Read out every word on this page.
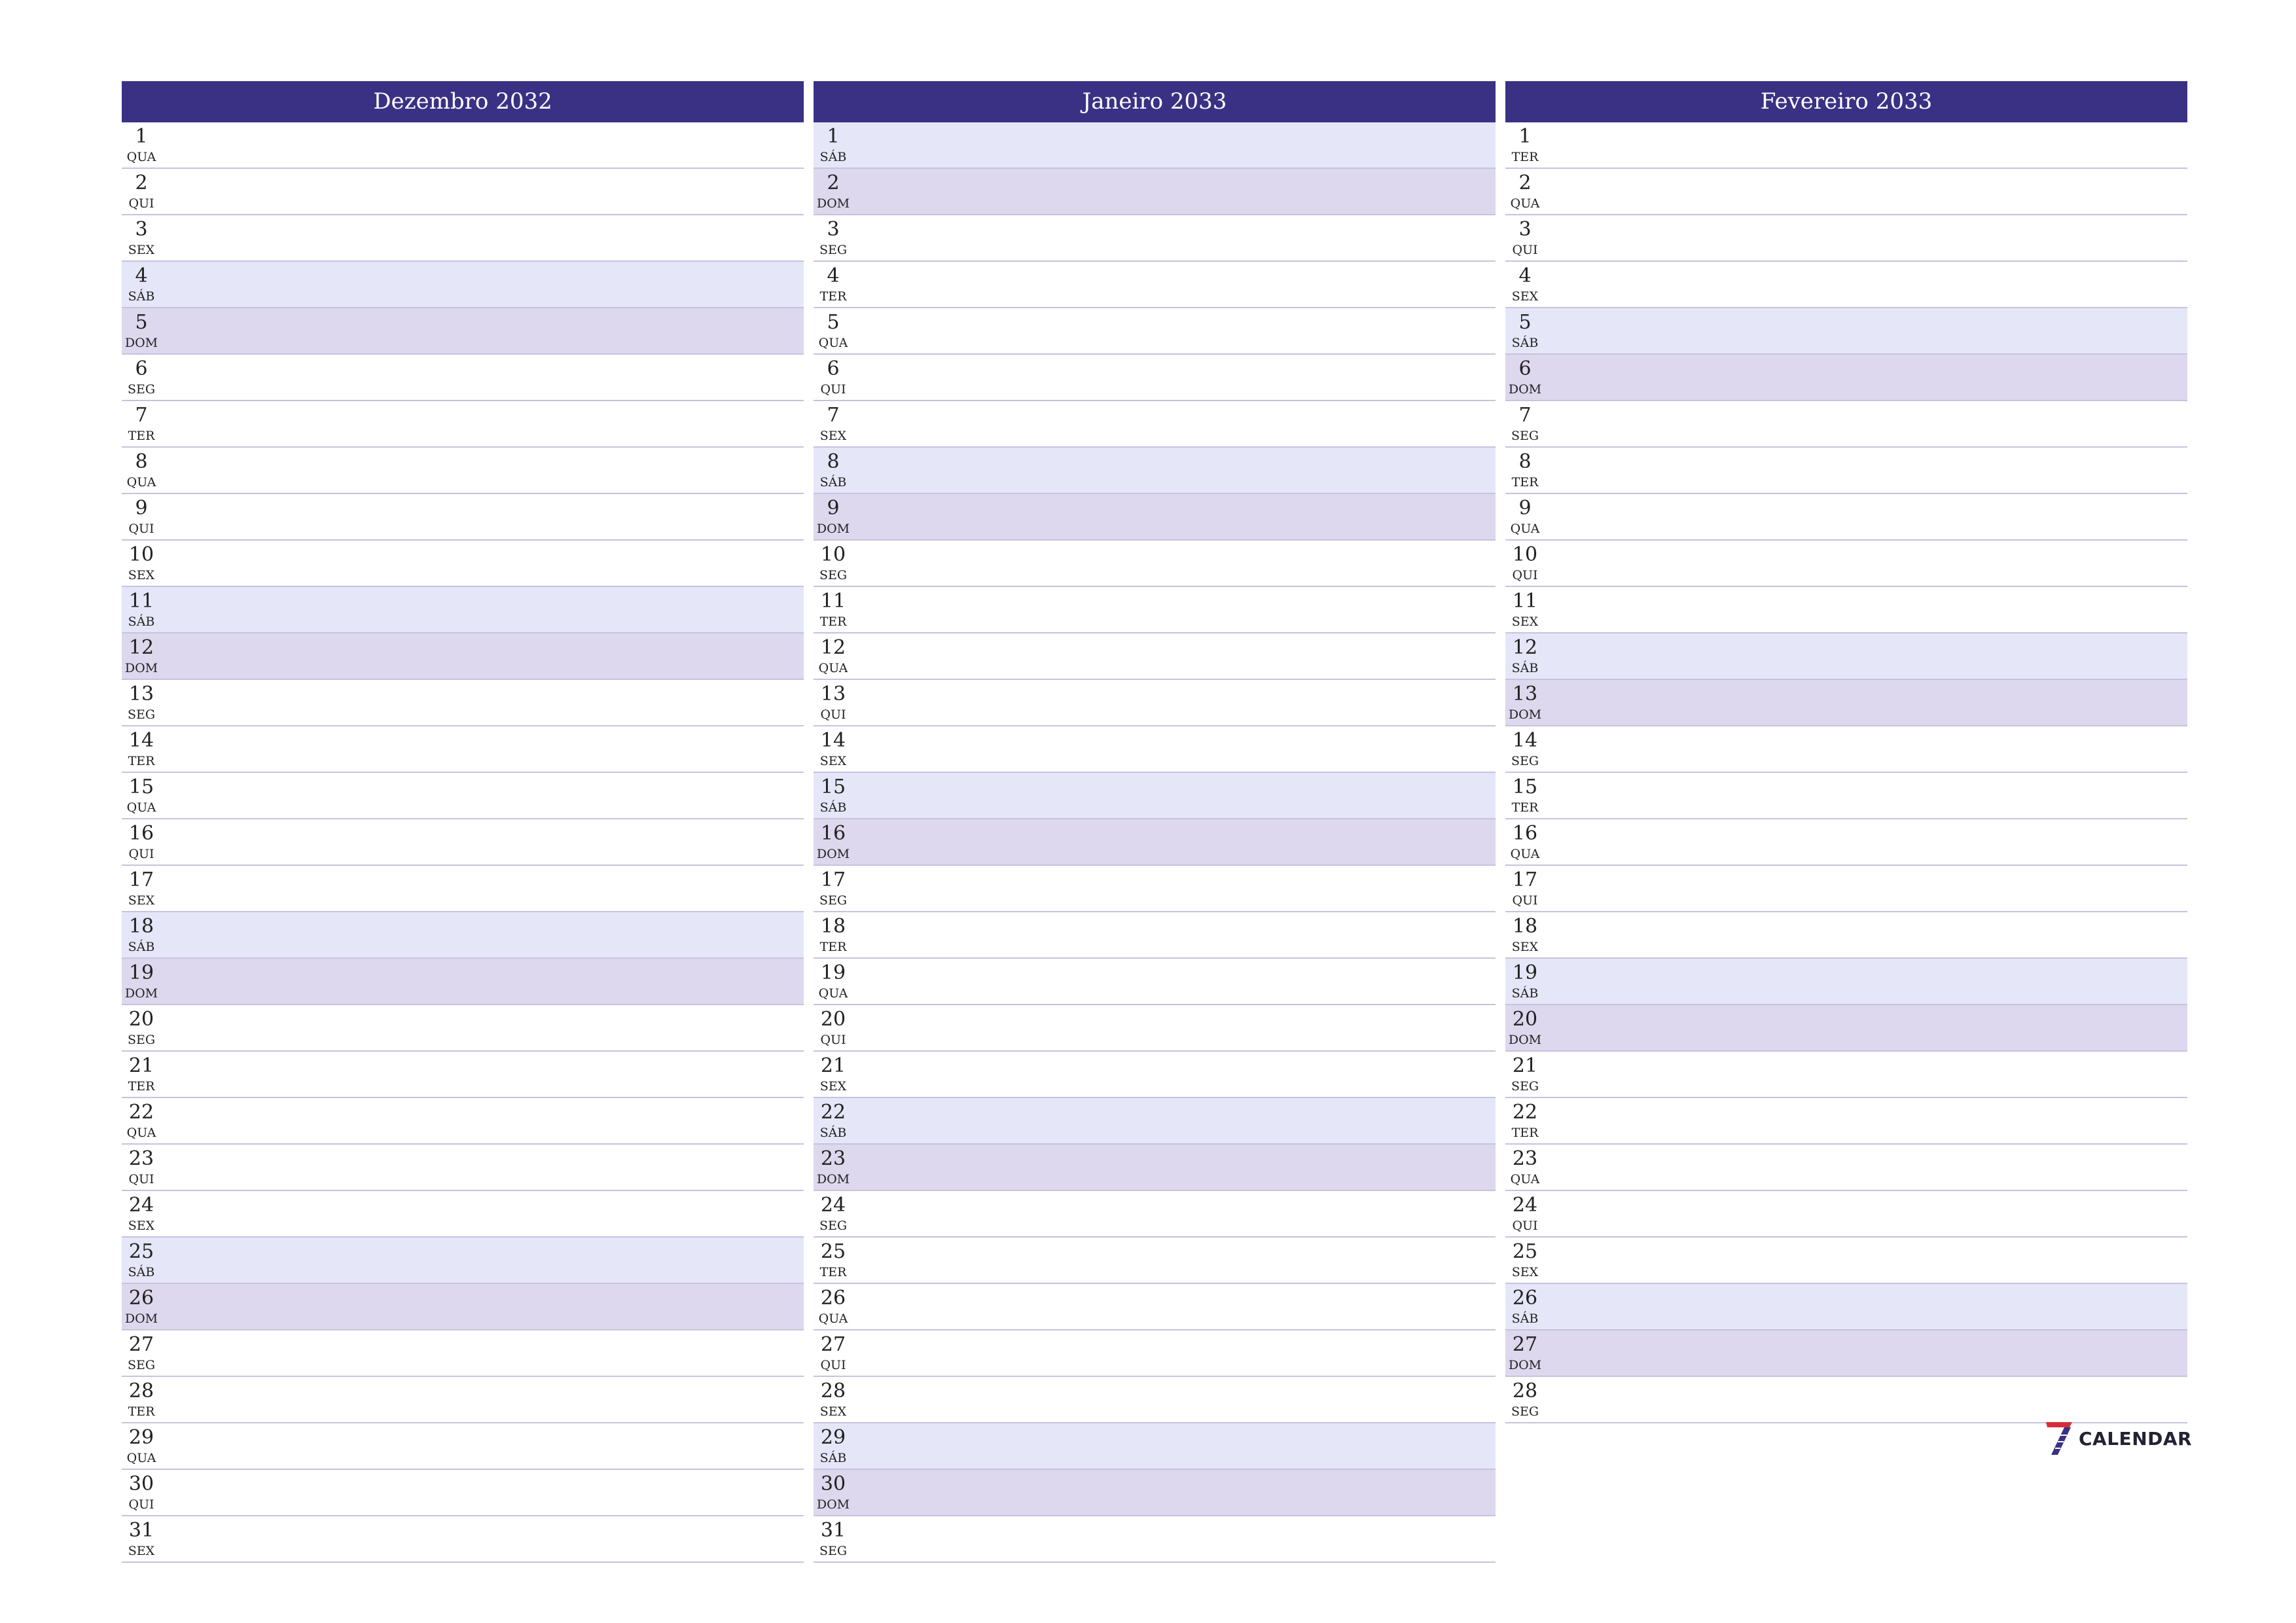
Dezembro 2032
1
QUA
2
QUI
3
SEX
4
SÁB
5
DOM
6
SEG
7
TER
8
QUA
9
QUI
10
SEX
11
SÁB
12
DOM
13
SEG
14
TER
15
QUA
16
QUI
17
SEX
18
SÁB
19
DOM
20
SEG
21
TER
22
QUA
23
QUI
24
SEX
25
SÁB
26
DOM
27
SEG
28
TER
29
QUA
30
QUI
31
SEX
Janeiro 2033
1
SÁB
2
DOM
3
SEG
4
TER
5
QUA
6
QUI
7
SEX
8
SÁB
9
DOM
10
SEG
11
TER
12
QUA
13
QUI
14
SEX
15
SÁB
16
DOM
17
SEG
18
TER
19
QUA
20
QUI
21
SEX
22
SÁB
23
DOM
24
SEG
25
TER
26
QUA
27
QUI
28
SEX
29
SÁB
30
DOM
31
SEG
Fevereiro 2033
1
TER
2
QUA
3
QUI
4
SEX
5
SÁB
6
DOM
7
SEG
8
TER
9
QUA
10
QUI
11
SEX
12
SÁB
13
DOM
14
SEG
15
TER
16
QUA
17
QUI
18
SEX
19
SÁB
20
DOM
21
SEG
22
TER
23
QUA
24
QUI
25
SEX
26
SÁB
27
DOM
28
SEG
CALENDAR
